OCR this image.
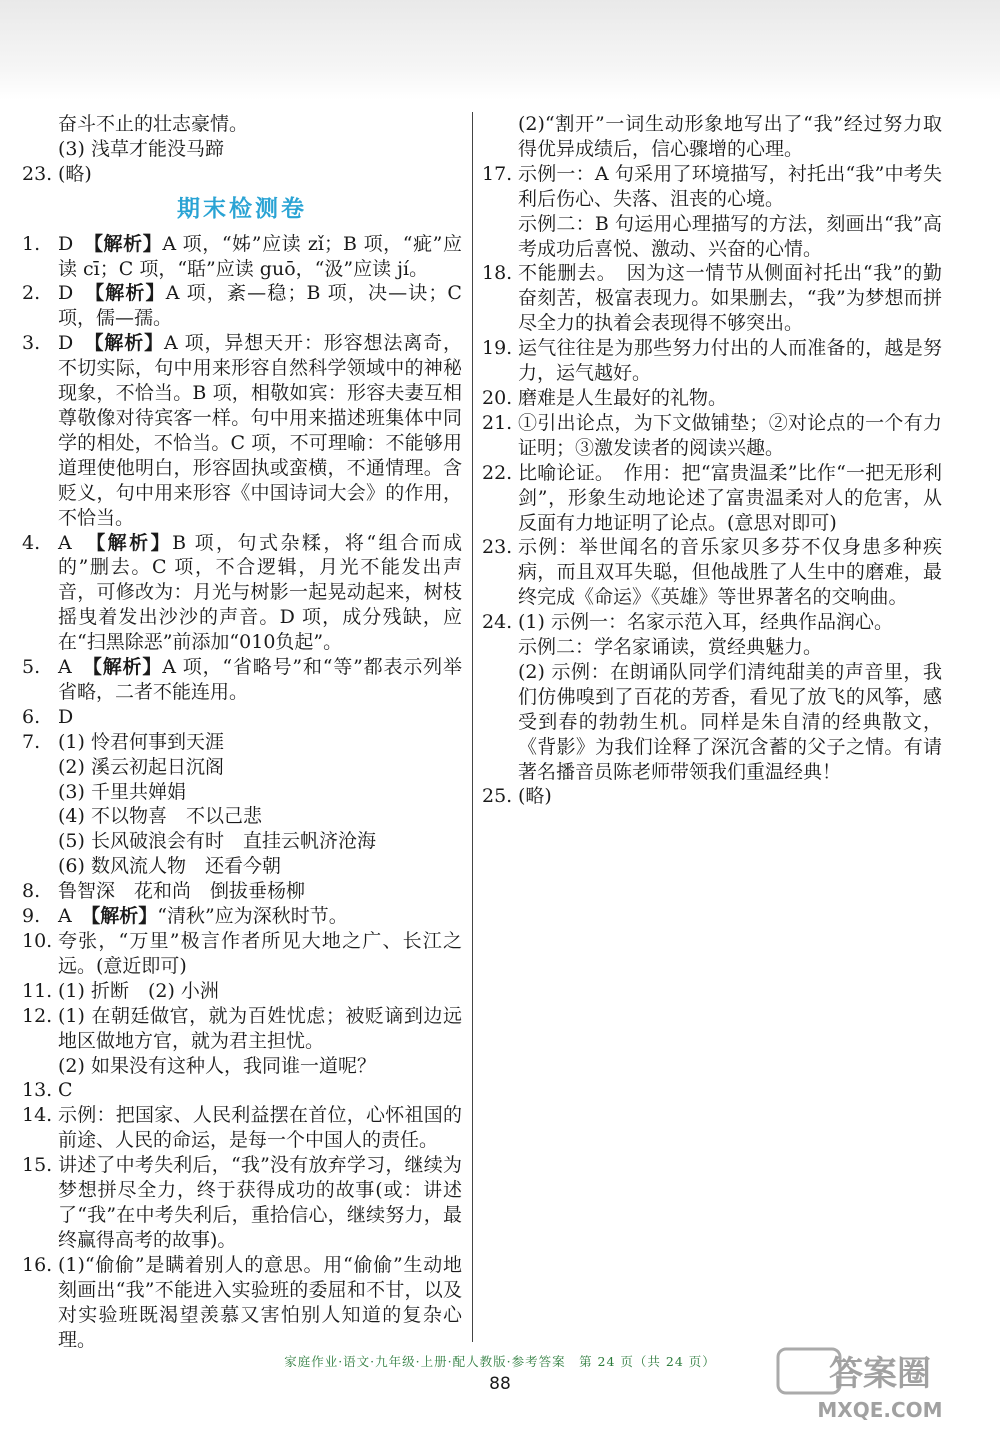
奋斗不止的壮志豪情。

(3) 浅草才能没马蹄

23. (略)
期末检测卷
1. D　 【解析】A 项，“姊”应读 zǐ；B 项，“疵”应读 cī；C 项，“聒”应读 guō，“汲”应读 jí。
2. D　 【解析】A 项，紊—稳；B 项，决—诀；C 项，儒—孺。
3. D　 【解析】A 项，异想天开：形容想法离奇，不切实际，句中用来形容自然科学领域中的神秘现象，不恰当。B 项，相敬如宾：形容夫妻互相尊敬像对待宾客一样。句中用来描述班集体中同学的相处，不恰当。C 项，不可理喻：不能够用道理使他明白，形容固执或蛮横，不通情理。含贬义，句中用来形容《中国诗词大会》的作用，不恰当。
4. A　 【解析】B 项，句式杂糅，将“组合而成的”删去。C 项，不合逻辑，月光不能发出声音，可修改为：月光与树影一起晃动起来，树枝摇曳着发出沙沙的声音。D 项，成分残缺，应在“扫黑除恶”前添加“010负起”。
5. A　 【解析】A 项，“省略号”和“等”都表示列举省略，二者不能连用。
6. D
7. (1) 怜君何事到天涯
(2) 溪云初起日沉阁
(3) 千里共婵娟
(4) 不以物喜　不以己悲
(5) 长风破浪会有时　直挂云帆济沧海
(6) 数风流人物　还看今朝
8. 鲁智深　花和尚　倒拔垂杨柳
9. A　 【解析】“清秋”应为深秋时节。
10. 夸张，“万里”极言作者所见大地之广、长江之远。(意近即可)
11. (1) 折断　(2) 小洲
12. (1) 在朝廷做官，就为百姓忧虑；被贬谪到边远地区做地方官，就为君主担忧。
(2) 如果没有这种人，我同谁一道呢？
13. C
14. 示例：把国家、人民利益摆在首位，心怀祖国的前途、人民的命运，是每一个中国人的责任。
15. 讲述了中考失利后，“我”没有放弃学习，继续为梦想拼尽全力，终于获得成功的故事(或：讲述了“我”在中考失利后，重拾信心，继续努力，最终赢得高考的故事)。
16. (1)“偷偷”是瞒着别人的意思。用“偷偷”生动地刻画出“我”不能进入实验班的委屈和不甘，以及对实验班既渴望羡慕又害怕别人知道的复杂心理。

(2)“割开”一词生动形象地写出了“我”经过努力取得优异成绩后，信心骤增的心理。

17. 示例一：A 句采用了环境描写，衬托出“我”中考失利后伤心、失落、沮丧的心境。
示例二：B 句运用心理描写的方法，刻画出“我”高考成功后喜悦、激动、兴奋的心情。
18. 不能删去。　因为这一情节从侧面衬托出“我”的勤奋刻苦，极富表现力。如果删去，“我”为梦想而拼尽全力的执着会表现得不够突出。
19. 运气往往是为那些努力付出的人而准备的，越是努力，运气越好。
20. 磨难是人生最好的礼物。
21. ①引出论点，为下文做铺垫；②对论点的一个有力证明；③激发读者的阅读兴趣。
22. 比喻论证。　作用：把“富贵温柔”比作“一把无形利剑”，形象生动地论述了富贵温柔对人的危害，从反面有力地证明了论点。(意思对即可)
23. 示例：举世闻名的音乐家贝多芬不仅身患多种疾病，而且双耳失聪，但他战胜了人生中的磨难，最终完成《命运》《英雄》等世界著名的交响曲。
24. (1) 示例一：名家示范入耳，经典作品润心。
示例二：学名家诵读，赏经典魅力。
(2) 示例：在朗诵队同学们清纯甜美的声音里，我们仿佛嗅到了百花的芳香，看见了放飞的风筝，感受到春的勃勃生机。同样是朱自清的经典散文，《背影》为我们诠释了深沉含蓄的父子之情。有请著名播音员陈老师带领我们重温经典！
25. (略)
家庭作业·语文·九年级·上册·配人教版·参考答案　第 24 页（共 24 页）
88	答案圈
MXQE.COM
